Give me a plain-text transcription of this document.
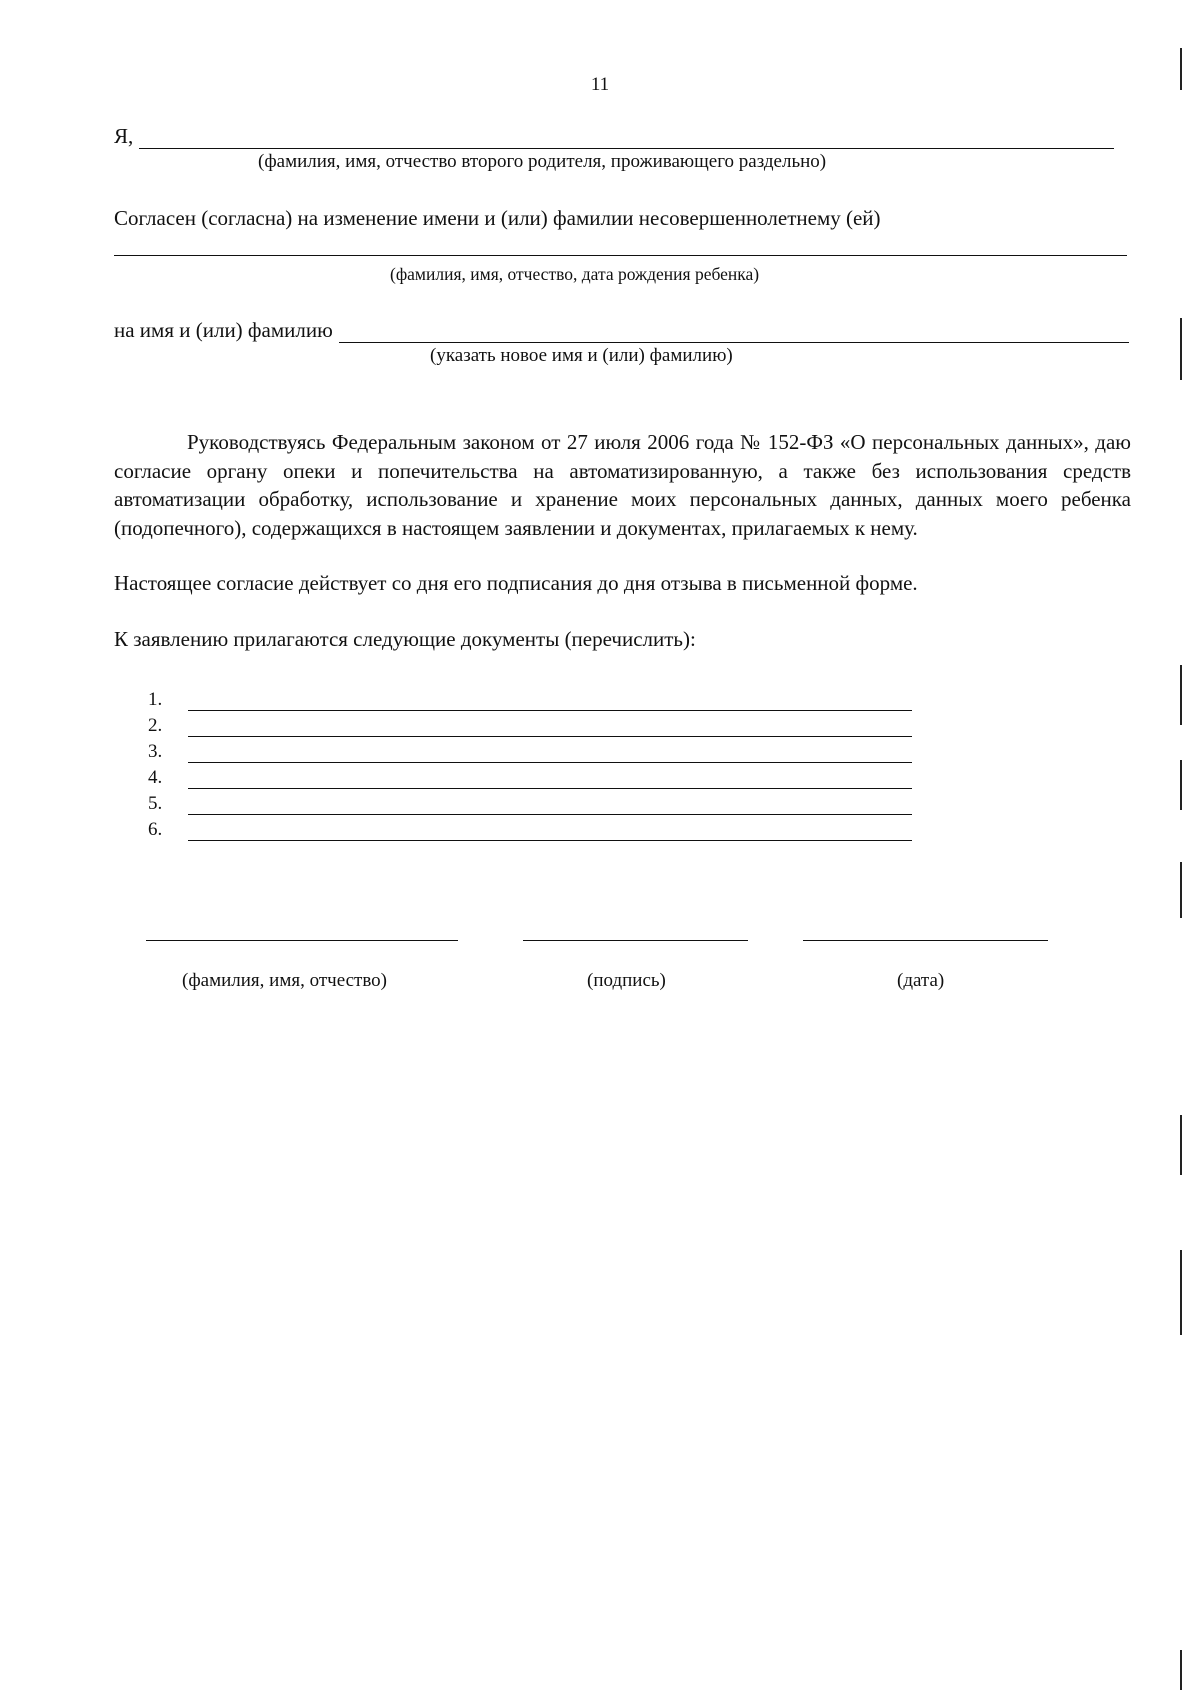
11
Я,
(фамилия, имя, отчество второго родителя, проживающего раздельно)
Согласен (согласна) на изменение имени и (или) фамилии несовершеннолетнему (ей)
(фамилия, имя, отчество, дата рождения ребенка)
на имя и (или) фамилию
(указать новое имя и (или) фамилию)
Руководствуясь Федеральным законом от 27 июля 2006 года № 152-ФЗ «О персональных данных», даю согласие органу опеки и попечительства на автоматизированную, а также без использования средств автоматизации обработку, использование и хранение моих персональных данных, данных моего ребенка (подопечного), содержащихся в настоящем заявлении и документах, прилагаемых к нему.
Настоящее согласие действует со дня его подписания до дня отзыва в письменной форме.
К заявлению прилагаются следующие документы (перечислить):
1.
2.
3.
4.
5.
6.
(фамилия, имя, отчество)	(подпись)	(дата)
